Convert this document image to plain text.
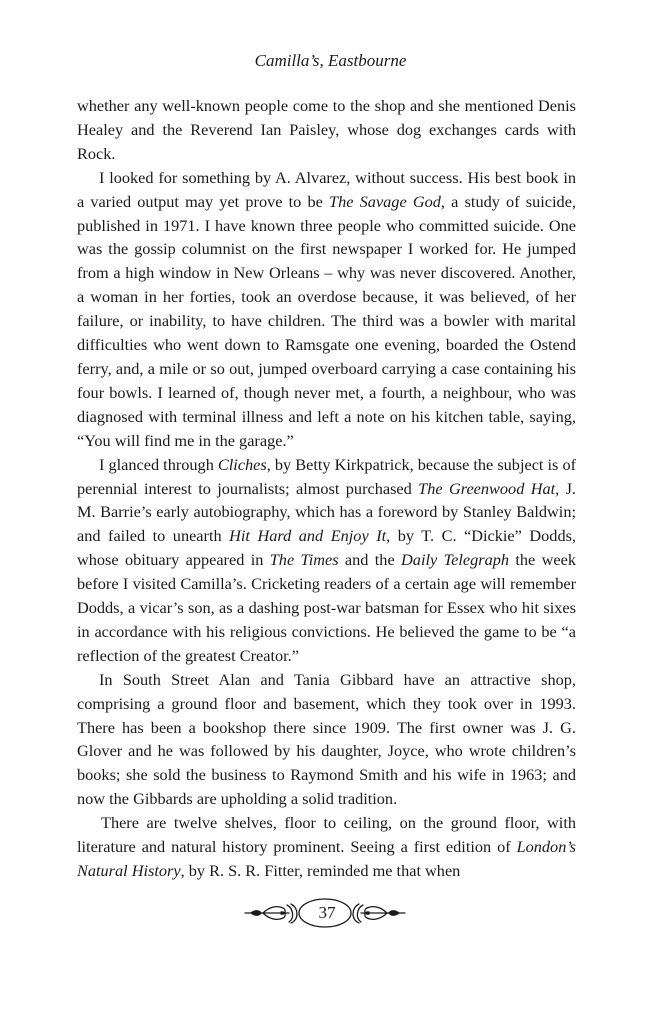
Camilla’s, Eastbourne

whether any well-known people come to the shop and she mentioned Denis Healey and the Reverend Ian Paisley, whose dog exchanges cards with Rock.

I looked for something by A. Alvarez, without success. His best book in a varied output may yet prove to be The Savage God, a study of suicide, published in 1971. I have known three people who committed suicide. One was the gossip columnist on the first newspaper I worked for. He jumped from a high window in New Orleans – why was never discovered. Another, a woman in her forties, took an overdose because, it was believed, of her failure, or inability, to have children. The third was a bowler with marital difficulties who went down to Ramsgate one evening, boarded the Ostend ferry, and, a mile or so out, jumped overboard carrying a case containing his four bowls. I learned of, though never met, a fourth, a neighbour, who was diagnosed with terminal illness and left a note on his kitchen table, saying, “You will find me in the garage.”

I glanced through Cliches, by Betty Kirkpatrick, because the subject is of perennial interest to journalists; almost purchased The Greenwood Hat, J. M. Barrie’s early autobiography, which has a foreword by Stanley Baldwin; and failed to unearth Hit Hard and Enjoy It, by T. C. “Dickie” Dodds, whose obituary appeared in The Times and the Daily Telegraph the week before I visited Camilla’s. Cricketing readers of a certain age will remember Dodds, a vicar’s son, as a dashing post-war batsman for Essex who hit sixes in accordance with his religious convictions. He believed the game to be “a reflection of the greatest Creator.”

In South Street Alan and Tania Gibbard have an attractive shop, comprising a ground floor and basement, which they took over in 1993. There has been a bookshop there since 1909. The first owner was J. G. Glover and he was followed by his daughter, Joyce, who wrote children’s books; she sold the business to Raymond Smith and his wife in 1963; and now the Gibbards are upholding a solid tradition.

There are twelve shelves, floor to ceiling, on the ground floor, with literature and natural history prominent. Seeing a first edition of London’s Natural History, by R. S. R. Fitter, reminded me that when

37
